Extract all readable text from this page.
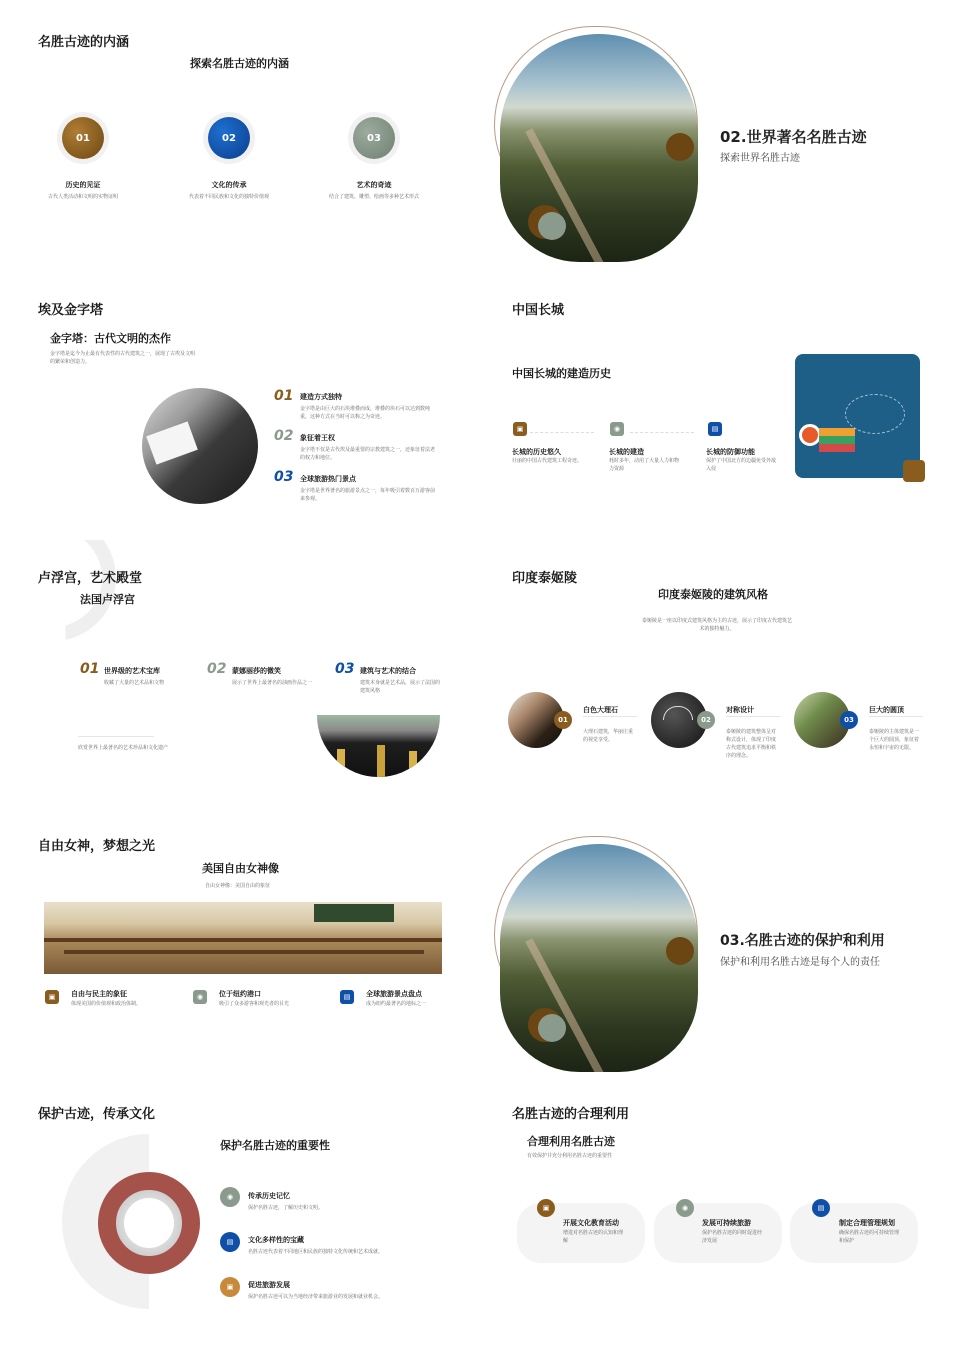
名胜古迹的内涵
探索名胜古迹的内涵
01	02	03
历史的见证
古代人类活动和文明的实物证明
文化的传承
代表着不同民族和文化的独特价值观
艺术的奇迹
结合了建筑、雕塑、绘画等多种艺术形式
02.世界著名名胜古迹
探索世界名胜古迹
埃及金字塔
金字塔：古代文明的杰作
金字塔是迄今为止最有代表性的古代建筑之一，展现了古埃及文明的繁荣和创造力。
01 建造方式独特
金字塔是由巨大的石块堆叠而成，堆叠的块石可以达到数吨重，这种方式在当时可以称之为奇迹。
02 象征着王权
金字塔不仅是古代埃及最重要的宗教建筑之一，还象征着法老的权力和地位。
03 全球旅游热门景点
金字塔是世界著名的旅游景点之一，每年吸引着数百万游客前来参观。
中国长城
中国长城的建造历史
▣	◉	▤
长城的历史悠久
壮丽的中国古代建筑工程奇迹。
长城的建造
耗时多年，动用了大量人力和物力资源
长城的防御功能
保护了中国北方的边疆免受外敌入侵
卢浮宫，艺术殿堂
法国卢浮宫
01 世界级的艺术宝库
收藏了大量的艺术品和文物
02 蒙娜丽莎的微笑
展示了世界上最著名的油画作品之一
03 建筑与艺术的结合
建筑本身就是艺术品，展示了法国的建筑风格
欣赏世界上最著名的艺术珍品和文化遗产
印度泰姬陵
印度泰姬陵的建筑风格
泰姬陵是一座以印度式建筑风格为主的古迹，展示了印度古代建筑艺术的独特魅力。
01
白色大理石
大理石建筑，华丽庄重的视觉享受。
02
对称设计
泰姬陵的建筑整体呈对称式设计，体现了印度古代建筑追求平衡和秩序的理念。
03
巨大的圆顶
泰姬陵的主体建筑是一个巨大的圆顶，象征着永恒和宇宙的无限。
自由女神，梦想之光
美国自由女神像
自由女神像：美国自由的象征
▣	自由与民主的象征
体现美国的价值观和政治体制。
◉	位于纽约港口
吸引了众多游客和观光者的目光
▤	全球旅游景点盘点
成为纽约最著名的地标之一
03.名胜古迹的保护和利用
保护和利用名胜古迹是每个人的责任
保护古迹，传承文化
保护名胜古迹的重要性
◉	传承历史记忆
保护名胜古迹，了解历史和文明。
▤	文化多样性的宝藏
名胜古迹代表着不同地区和民族的独特文化传统和艺术成就。
▣	促进旅游发展
保护名胜古迹可以为当地经济带来旅游业的发展和就业机会。
名胜古迹的合理利用
合理利用名胜古迹
有效保护并充分利用名胜古迹的重要性
▣
开展文化教育活动
增进对名胜古迹的认知和理解
◉
发展可持续旅游
保护名胜古迹的同时促进经济发展
▤
制定合理管理规划
确保名胜古迹的可持续管理和保护
